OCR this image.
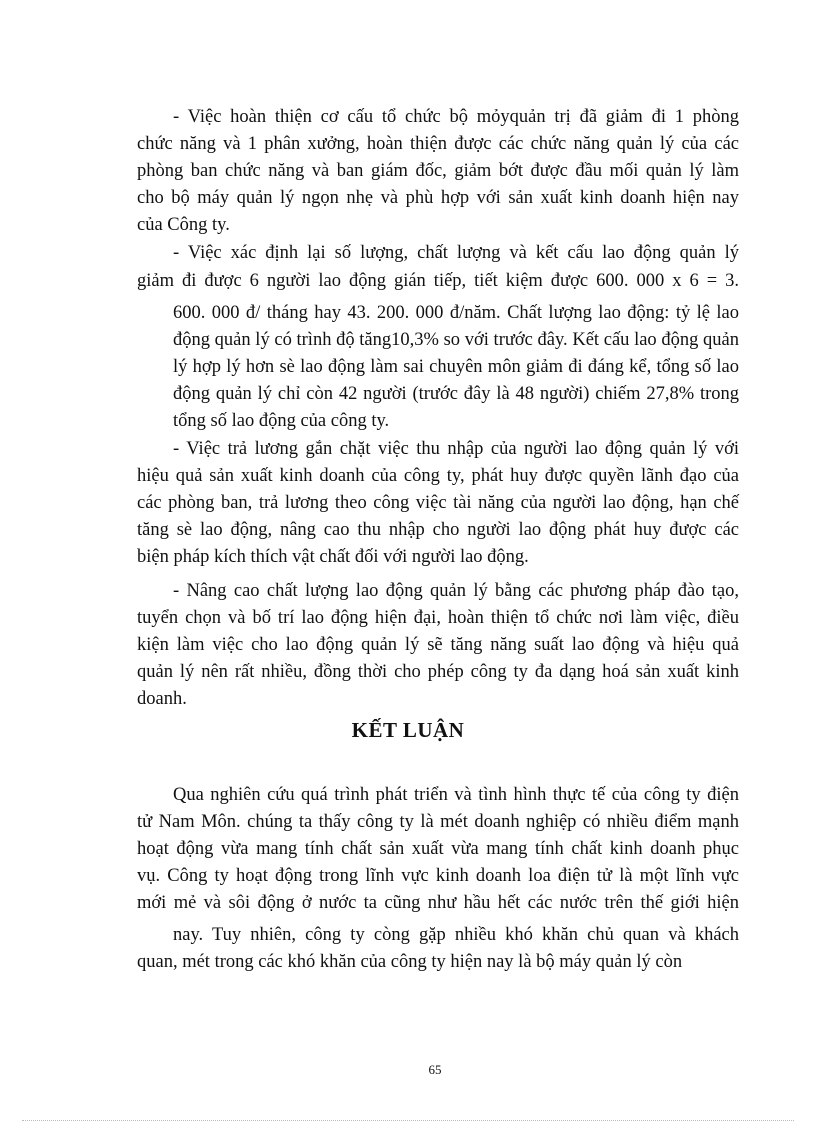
- Việc hoàn thiện cơ cấu tổ chức bộ mỏyquản trị đã giảm đi 1 phòng
chức năng và 1 phân xưởng, hoàn thiện được các chức năng quản lý của các
phòng ban chức năng và ban giám đốc, giảm bớt được đầu mối quản lý làm
cho bộ máy quản lý ngọn nhẹ và phù hợp với sản xuất kinh doanh hiện nay
của Công ty.
- Việc xác định lại số lượng, chất lượng và kết cấu lao động quản lý
giảm đi được 6 người lao động gián tiếp, tiết kiệm được 600. 000 x 6 = 3.
600. 000 đ/ tháng hay 43. 200. 000 đ/năm. Chất lượng lao động: tỷ lệ lao
động quản lý có trình độ tăng10,3% so với trước đây. Kết cấu lao động quản
lý hợp lý hơn sè lao động làm sai chuyên môn giảm đi đáng kể, tổng số lao
động quản lý chỉ còn 42 người (trước đây là 48 người) chiếm 27,8% trong
tổng số lao động của công ty.
- Việc trả lương gắn chặt việc thu nhập của người lao động quản lý với
hiệu quả sản xuất kinh doanh của công ty, phát huy được quyền lãnh đạo của
các phòng ban, trả lương theo công việc tài năng của người lao động, hạn chế
tăng sè lao động, nâng cao thu nhập cho người lao động phát huy được các
biện pháp kích thích vật chất đối với người lao động.
- Nâng cao chất lượng lao động quản lý bằng các phương pháp đào tạo,
tuyển chọn và bố trí lao động hiện đại, hoàn thiện tổ chức nơi làm việc, điều
kiện làm việc cho lao động quản lý sẽ tăng năng suất lao động và hiệu quả
quản lý nên rất nhiều, đồng thời cho phép công ty đa dạng hoá sản xuất kinh
doanh.
KẾT LUẬN
Qua nghiên cứu quá trình phát triển và tình hình thực tế của công ty điện
tử Nam Môn. chúng ta thấy công ty là mét doanh nghiệp có nhiều điểm mạnh
hoạt động vừa mang tính chất sản xuất vừa mang tính chất kinh doanh phục
vụ. Công ty hoạt động trong lĩnh vực kinh doanh loa điện tử là một lĩnh vực
mới mẻ và sôi động ở nước ta cũng như hầu hết các nước trên thế giới hiện
nay. Tuy nhiên, công ty còng gặp nhiều khó khăn chủ quan và khách
quan, mét trong các khó khăn của công ty hiện nay là bộ máy quản lý còn
65
